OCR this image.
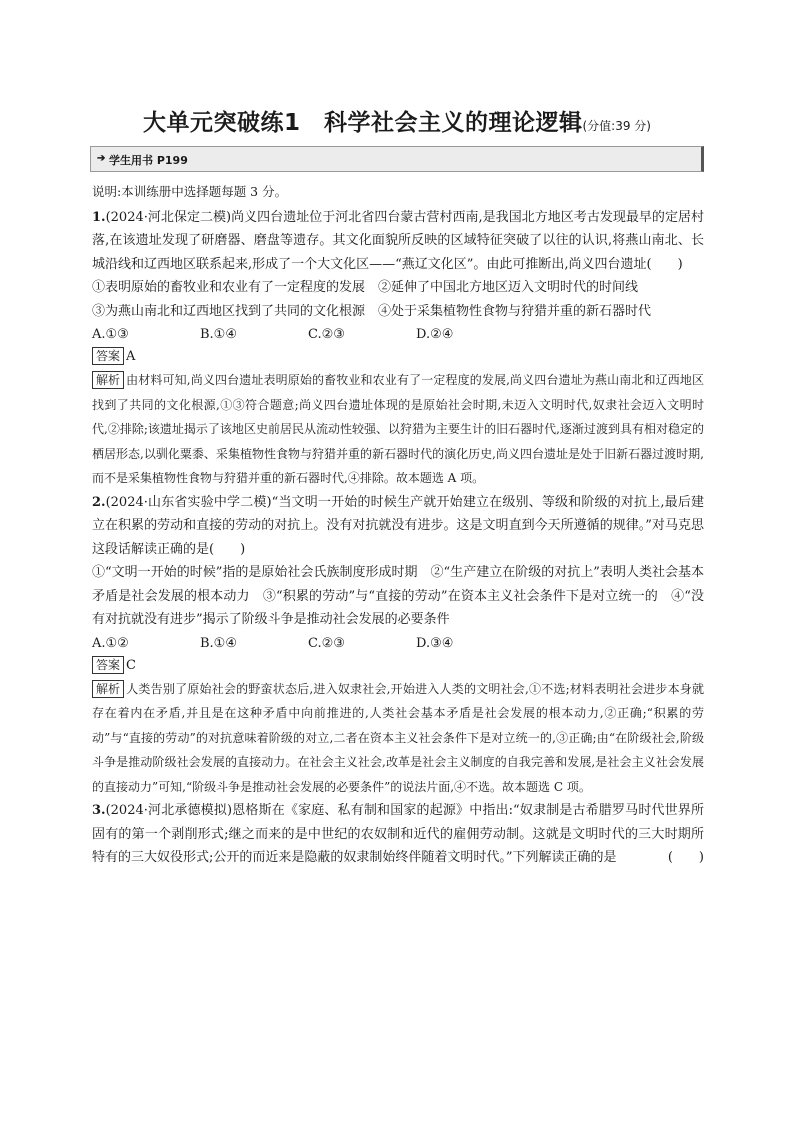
大单元突破练1　科学社会主义的理论逻辑(分值:39 分)
➔ 学生用书 P199

说明:本训练册中选择题每题 3 分。

1.(2024·河北保定二模)尚义四台遗址位于河北省四台蒙古营村西南,是我国北方地区考古发现最早的定居村落,在该遗址发现了研磨器、磨盘等遗存。其文化面貌所反映的区域特征突破了以往的认识,将燕山南北、长城沿线和辽西地区联系起来,形成了一个大文化区——“燕辽文化区”。由此可推断出,尚义四台遗址(　　)

①表明原始的畜牧业和农业有了一定程度的发展　②延伸了中国北方地区迈入文明时代的时间线

③为燕山南北和辽西地区找到了共同的文化根源　④处于采集植物性食物与狩猎并重的新石器时代

A.①③	B.①④	C.②③	D.②④

答案 A

解析 由材料可知,尚义四台遗址表明原始的畜牧业和农业有了一定程度的发展,尚义四台遗址为燕山南北和辽西地区找到了共同的文化根源,①③符合题意;尚义四台遗址体现的是原始社会时期,未迈入文明时代,奴隶社会迈入文明时代,②排除;该遗址揭示了该地区史前居民从流动性较强、以狩猎为主要生计的旧石器时代,逐渐过渡到具有相对稳定的栖居形态,以驯化粟黍、采集植物性食物与狩猎并重的新石器时代的演化历史,尚义四台遗址是处于旧新石器过渡时期,而不是采集植物性食物与狩猎并重的新石器时代,④排除。故本题选 A 项。

2.(2024·山东省实验中学二模)“当文明一开始的时候生产就开始建立在级别、等级和阶级的对抗上,最后建立在积累的劳动和直接的劳动的对抗上。没有对抗就没有进步。这是文明直到今天所遵循的规律。”对马克思这段话解读正确的是(　　)

①“文明一开始的时候”指的是原始社会氏族制度形成时期　②“生产建立在阶级的对抗上”表明人类社会基本矛盾是社会发展的根本动力　③“积累的劳动”与“直接的劳动”在资本主义社会条件下是对立统一的　④“没有对抗就没有进步”揭示了阶级斗争是推动社会发展的必要条件

A.①②	B.①④	C.②③	D.③④

答案 C

解析 人类告别了原始社会的野蛮状态后,进入奴隶社会,开始进入人类的文明社会,①不选;材料表明社会进步本身就存在着内在矛盾,并且是在这种矛盾中向前推进的,人类社会基本矛盾是社会发展的根本动力,②正确;“积累的劳动”与“直接的劳动”的对抗意味着阶级的对立,二者在资本主义社会条件下是对立统一的,③正确;由“在阶级社会,阶级斗争是推动阶级社会发展的直接动力。在社会主义社会,改革是社会主义制度的自我完善和发展,是社会主义社会发展的直接动力”可知,“阶级斗争是推动社会发展的必要条件”的说法片面,④不选。故本题选 C 项。

3.(2024·河北承德模拟)恩格斯在《家庭、私有制和国家的起源》中指出:“奴隶制是古希腊罗马时代世界所固有的第一个剥削形式;继之而来的是中世纪的农奴制和近代的雇佣劳动制。这就是文明时代的三大时期所特有的三大奴役形式;公开的而近来是隐蔽的奴隶制始终伴随着文明时代。”下列解读正确的是	(　　)
